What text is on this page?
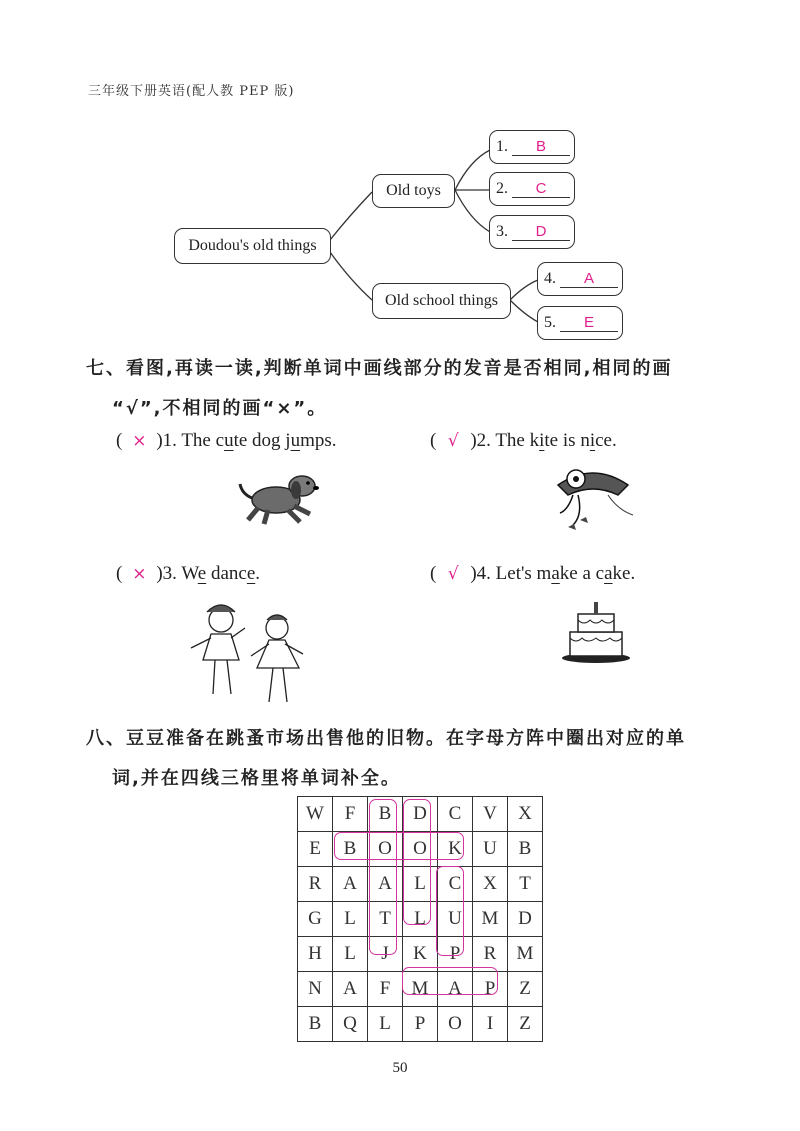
三年级下册英语(配人教 PEP 版)
Doudou's old things
Old toys
Old school things
1.	B
2.	C
3.	D
4.	A
5.	E
七、看图,再读一读,判断单词中画线部分的发音是否相同,相同的画
“√”,不相同的画“×”。
( × )1. The cute dog jumps.	( √ )2. The kite is nice.
( × )3. We dance.	( √ )4. Let's make a cake.
八、豆豆准备在跳蚤市场出售他的旧物。在字母方阵中圈出对应的单
词,并在四线三格里将单词补全。
W	F	B	D	C	V	X
E	B	O	O	K	U	B
R	A	A	L	C	X	T
G	L	T	L	U	M	D
H	L	J	K	P	R	M
N	A	F	M	A	P	Z
B	Q	L	P	O	I	Z
50
